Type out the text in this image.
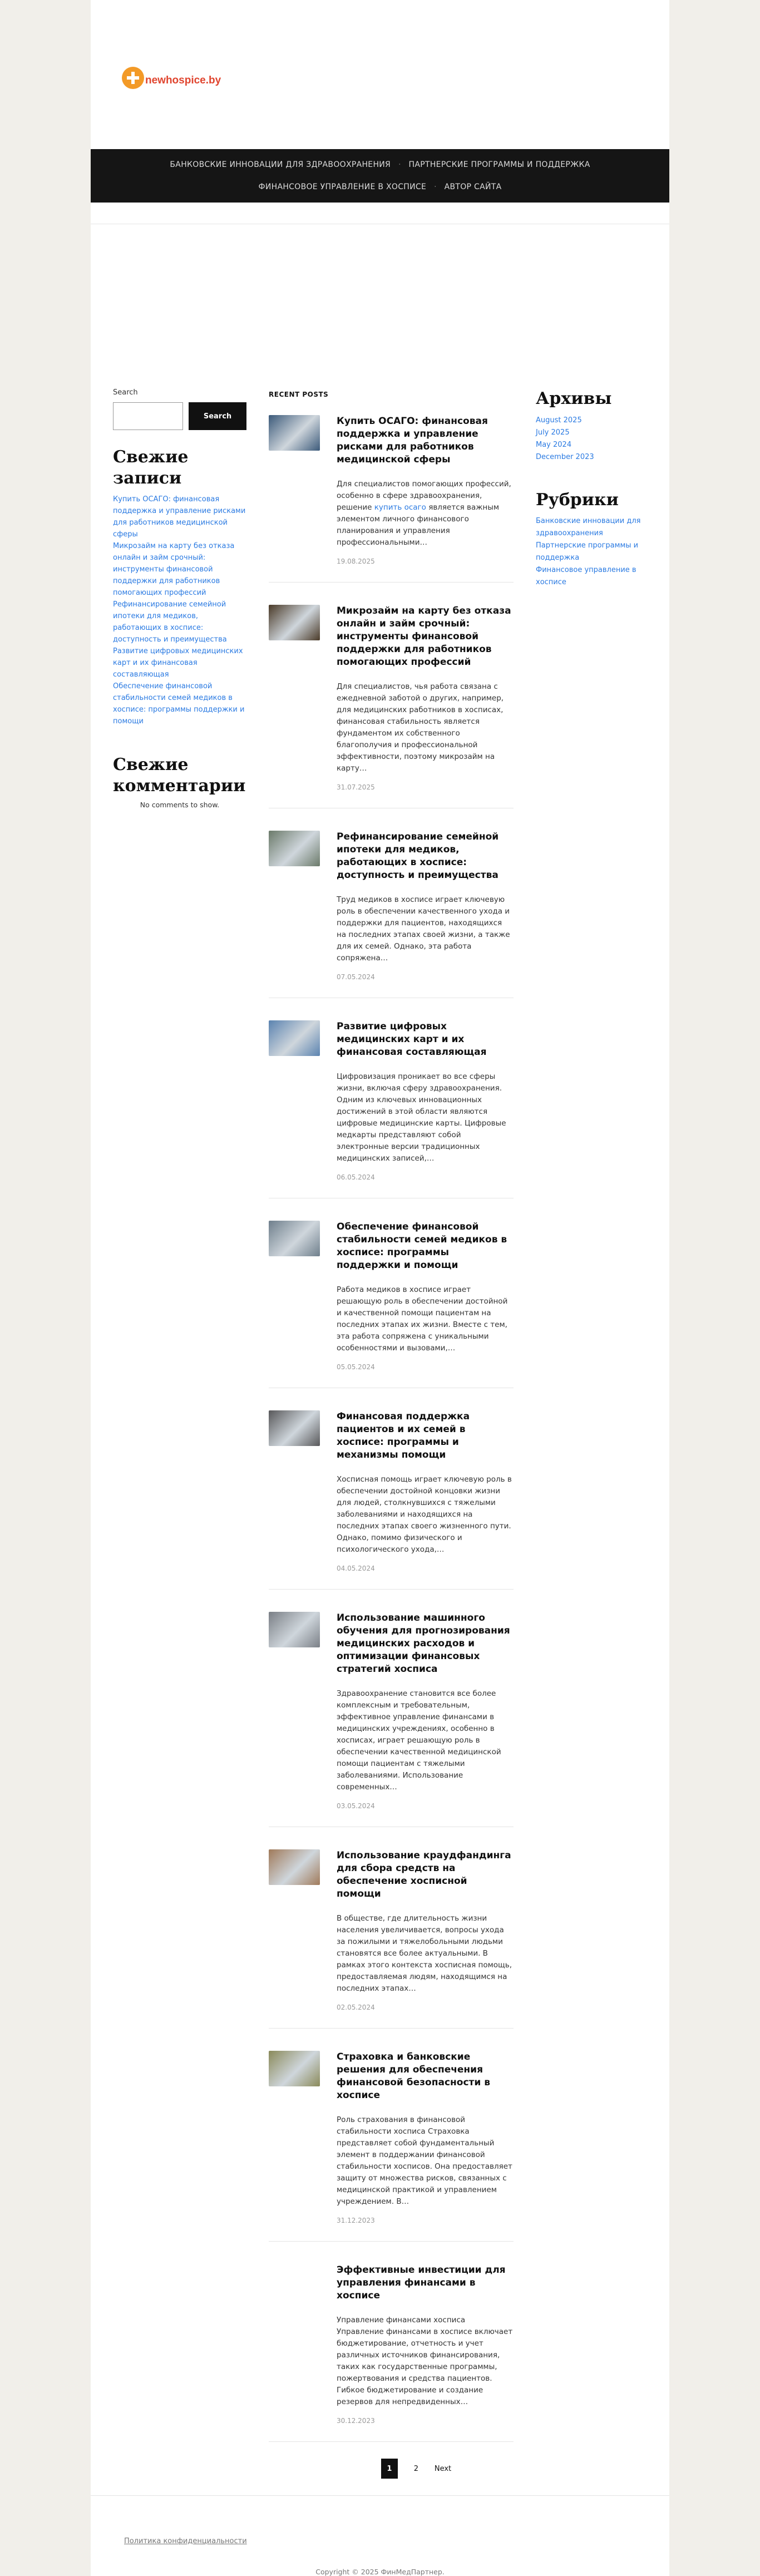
newhospice.by
БАНКОВСКИЕ ИННОВАЦИИ ДЛЯ ЗДРАВООХРАНЕНИЯ	·	ПАРТНЕРСКИЕ ПРОГРАММЫ И ПОДДЕРЖКА
ФИНАНСОВОЕ УПРАВЛЕНИЕ В ХОСПИСЕ	·	АВТОР САЙТА
Search
Search
Свежие записи
Купить ОСАГО: финансовая поддержка и управление рисками для работников медицинской сферы
Микрозайм на карту без отказа онлайн и займ срочный: инструменты финансовой поддержки для работников помогающих профессий
Рефинансирование семейной ипотеки для медиков, работающих в хосписе: доступность и преимущества
Развитие цифровых медицинских карт и их финансовая составляющая
Обеспечение финансовой стабильности семей медиков в хосписе: программы поддержки и помощи
Свежие комментарии

No comments to show.

RECENT POSTS
Купить ОСАГО: финансовая поддержка и управление рисками для работников медицинской сферы

Для специалистов помогающих профессий, особенно в сфере здравоохранения, решение купить осаго является важным элементом личного финансового планирования и управления профессиональными…

19.08.2025
Микрозайм на карту без отказа онлайн и займ срочный: инструменты финансовой поддержки для работников помогающих профессий

Для специалистов, чья работа связана с ежедневной заботой о других, например, для медицинских работников в хосписах, финансовая стабильность является фундаментом их собственного благополучия и профессиональной эффективности, поэтому микрозайм на карту…

31.07.2025
Рефинансирование семейной ипотеки для медиков, работающих в хосписе: доступность и преимущества

Труд медиков в хосписе играет ключевую роль в обеспечении качественного ухода и поддержки для пациентов, находящихся на последних этапах своей жизни, а также для их семей. Однако, эта работа сопряжена…

07.05.2024
Развитие цифровых медицинских карт и их финансовая составляющая

Цифровизация проникает во все сферы жизни, включая сферу здравоохранения. Одним из ключевых инновационных достижений в этой области являются цифровые медицинские карты. Цифровые медкарты представляют собой электронные версии традиционных медицинских записей,…

06.05.2024
Обеспечение финансовой стабильности семей медиков в хосписе: программы поддержки и помощи

Работа медиков в хосписе играет решающую роль в обеспечении достойной и качественной помощи пациентам на последних этапах их жизни. Вместе с тем, эта работа сопряжена с уникальными особенностями и вызовами,…

05.05.2024
Финансовая поддержка пациентов и их семей в хосписе: программы и механизмы помощи

Хосписная помощь играет ключевую роль в обеспечении достойной концовки жизни для людей, столкнувшихся с тяжелыми заболеваниями и находящихся на последних этапах своего жизненного пути. Однако, помимо физического и психологического ухода,…

04.05.2024
Использование машинного обучения для прогнозирования медицинских расходов и оптимизации финансовых стратегий хосписа

Здравоохранение становится все более комплексным и требовательным, эффективное управление финансами в медицинских учреждениях, особенно в хосписах, играет решающую роль в обеспечении качественной медицинской помощи пациентам с тяжелыми заболеваниями. Использование современных…

03.05.2024
Использование краудфандинга для сбора средств на обеспечение хосписной помощи

В обществе, где длительность жизни населения увеличивается, вопросы ухода за пожилыми и тяжелобольными людьми становятся все более актуальными. В рамках этого контекста хосписная помощь, предоставляемая людям, находящимся на последних этапах…

02.05.2024
Страховка и банковские решения для обеспечения финансовой безопасности в хосписе

Роль страхования в финансовой стабильности хосписа Страховка представляет собой фундаментальный элемент в поддержании финансовой стабильности хосписов. Она предоставляет защиту от множества рисков, связанных с медицинской практикой и управлением учреждением. В…

31.12.2023
Эффективные инвестиции для управления финансами в хосписе

Управление финансами хосписа Управление финансами в хосписе включает бюджетирование, отчетность и учет различных источников финансирования, таких как государственные программы, пожертвования и средства пациентов. Гибкое бюджетирование и создание резервов для непредвиденных…

30.12.2023
1	2	Next
Архивы
August 2025
July 2025
May 2024
December 2023
Рубрики
Банковские инновации для здравоохранения
Партнерские программы и поддержка
Финансовое управление в хосписе
Политика конфиденциальности

Copyright © 2025 ФинМедПартнер.
